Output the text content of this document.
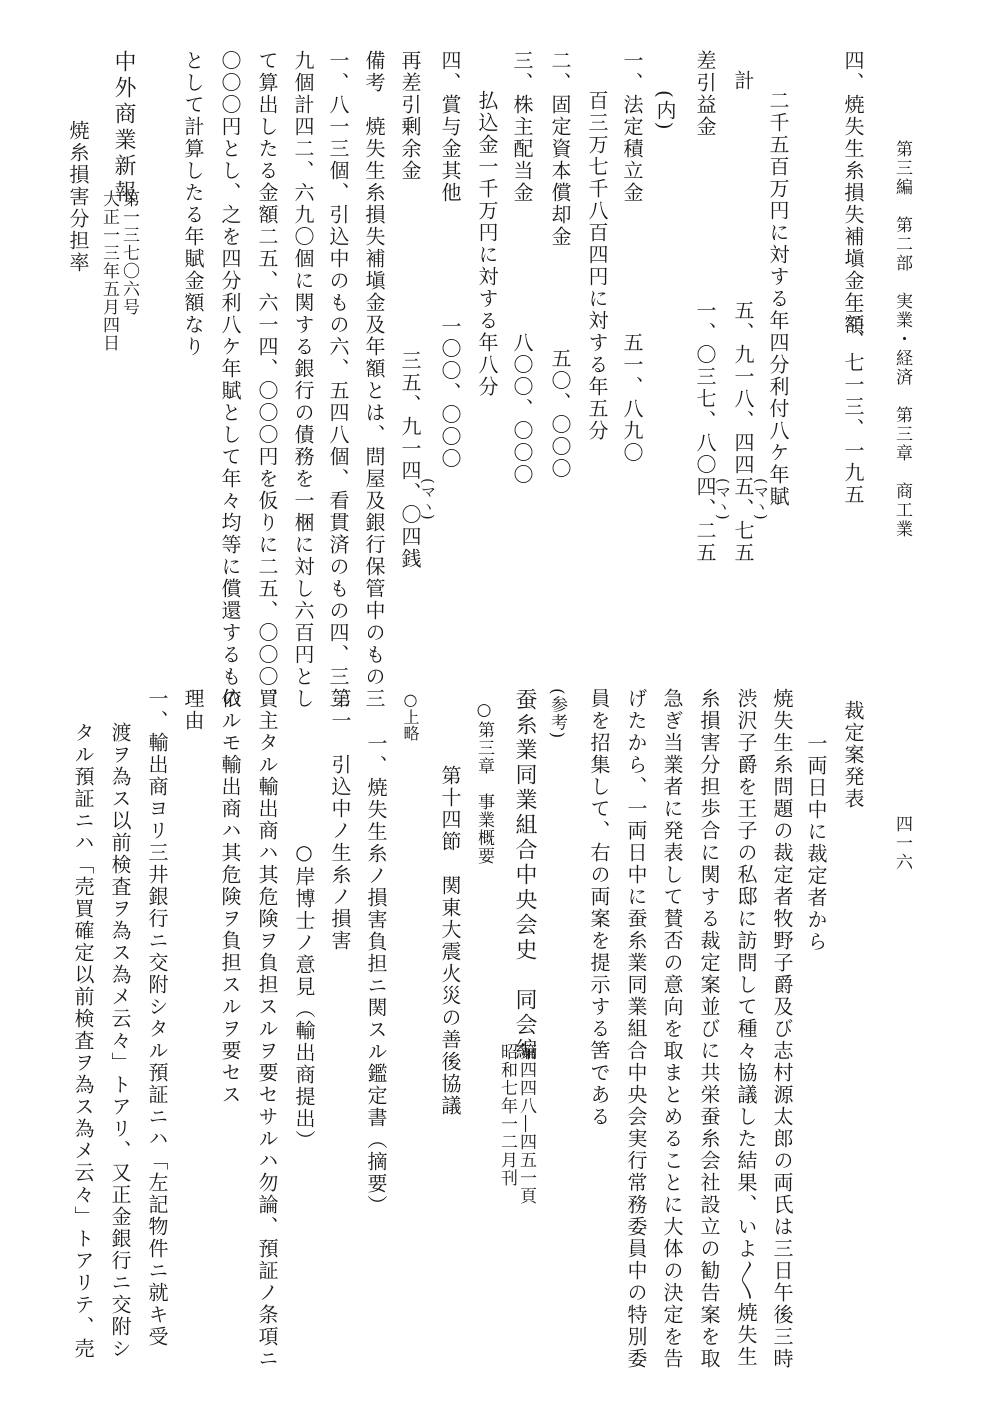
第三編　第二部　実業・経済　第三章　商工業
四一六
四、焼失生糸損失補塡金年額
三、七一三、一九五
二千五百万円に対する年四分利付八ケ年賦
計
五、九一八、四四五、七五
(マヽ)
差引益金
一、〇三七、八〇四、二五
(マヽ)
(内)
一、法定積立金
五一、八九〇
百三万七千八百四円に対する年五分
二、固定資本償却金
五〇、〇〇〇
三、株主配当金
八〇〇、〇〇〇
払込金一千万円に対する年八分
四、賞与金其他
一〇〇、〇〇〇
再差引剰余金
三五、九一四、〇四銭
(マヽ)
備考　焼失生糸損失補塡金及年額とは、問屋及銀行保管中のもの三
一、八一三個、引込中のもの六、五四八個、看貫済のもの四、三三
九個計四二、六九〇個に関する銀行の債務を一梱に対し六百円とし
て算出したる金額二五、六一四、〇〇〇円を仮りに二五、〇〇〇、
〇〇〇円とし、之を四分利八ケ年賦として年々均等に償還するもの
として計算したる年賦金額なり
中外商業新報
第一三七〇六号
大正一三年五月四日
焼糸損害分担率
裁定案発表
一両日中に裁定者から
焼失生糸問題の裁定者牧野子爵及び志村源太郎の両氏は三日午後三時
渋沢子爵を王子の私邸に訪問して種々協議した結果、いよ〳〵焼失生
糸損害分担歩合に関する裁定案並びに共栄蚕糸会社設立の勧告案を取
急ぎ当業者に発表して賛否の意向を取まとめることに大体の決定を告
げたから、一両日中に蚕糸業同業組合中央会実行常務委員中の特別委
員を招集して、右の両案を提示する筈である
(参考)
蚕糸業同業組合中央会史　同会編
第四四八―四五一頁
昭和七年一二月刊
○第三章　事業概要
第十四節　関東大震火災の善後協議
○上略
一、焼失生糸ノ損害負担ニ関スル鑑定書（摘要）
第一　引込中ノ生糸ノ損害
○岸博士ノ意見（輸出商提出）
買主タル輸出商ハ其危険ヲ負担スルヲ要セサルハ勿論、預証ノ条項ニ
依ルモ輸出商ハ其危険ヲ負担スルヲ要セス
理由
一、輸出商ヨリ三井銀行ニ交附シタル預証ニハ「左記物件ニ就キ受
渡ヲ為ス以前検査ヲ為ス為メ云々」トアリ、又正金銀行ニ交附シ
タル預証ニハ「売買確定以前検査ヲ為ス為メ云々」トアリテ、売
